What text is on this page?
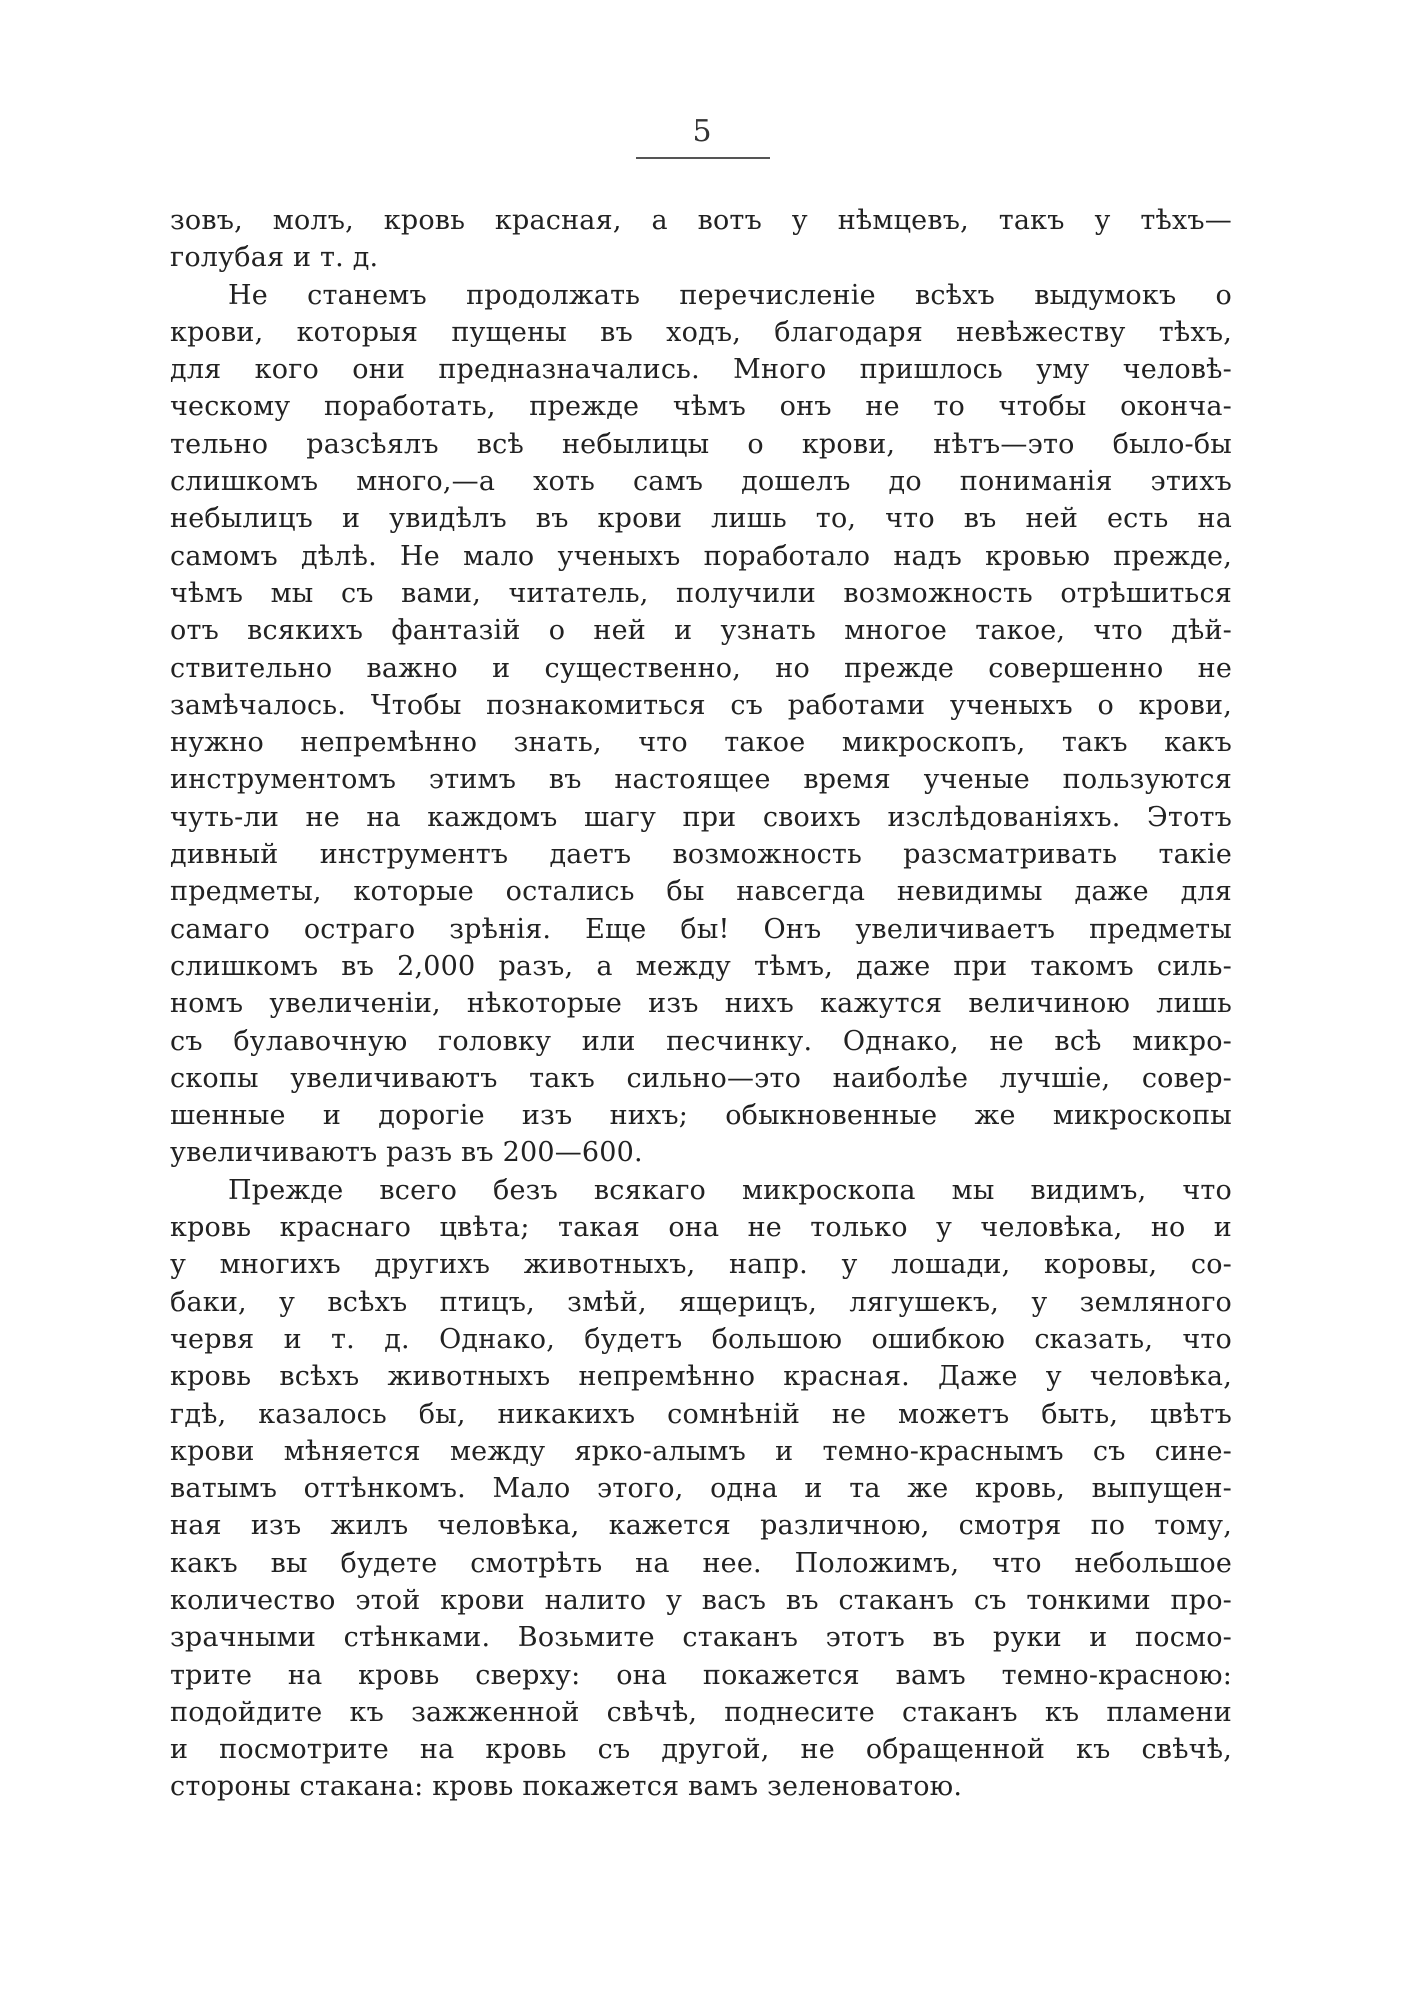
5
зовъ, молъ, кровь красная, а вотъ у нѣмцевъ, такъ у тѣхъ—
голубая и т. д.
Не станемъ продолжать перечисленіе всѣхъ выдумокъ о
крови, которыя пущены въ ходъ, благодаря невѣжеству тѣхъ,
для кого они предназначались. Много пришлось уму человѣ-
ческому поработать, прежде чѣмъ онъ не то чтобы оконча-
тельно разсѣялъ всѣ небылицы о крови, нѣтъ—это было-бы
слишкомъ много,—а хоть самъ дошелъ до пониманія этихъ
небылицъ и увидѣлъ въ крови лишь то, что въ ней есть на
самомъ дѣлѣ. Не мало ученыхъ поработало надъ кровью прежде,
чѣмъ мы съ вами, читатель, получили возможность отрѣшиться
отъ всякихъ фантазій о ней и узнать многое такое, что дѣй-
ствительно важно и существенно, но прежде совершенно не
замѣчалось. Чтобы познакомиться съ работами ученыхъ о крови,
нужно непремѣнно знать, что такое микроскопъ, такъ какъ
инструментомъ этимъ въ настоящее время ученые пользуются
чуть-ли не на каждомъ шагу при своихъ изслѣдованіяхъ. Этотъ
дивный инструментъ даетъ возможность разсматривать такіе
предметы, которые остались бы навсегда невидимы даже для
самаго остраго зрѣнія. Еще бы! Онъ увеличиваетъ предметы
слишкомъ въ 2,000 разъ, а между тѣмъ, даже при такомъ силь-
номъ увеличеніи, нѣкоторые изъ нихъ кажутся величиною лишь
съ булавочную головку или песчинку. Однако, не всѣ микро-
скопы увеличиваютъ такъ сильно—это наиболѣе лучшіе, совер-
шенные и дорогіе изъ нихъ; обыкновенные же микроскопы
увеличиваютъ разъ въ 200—600.
Прежде всего безъ всякаго микроскопа мы видимъ, что
кровь краснаго цвѣта; такая она не только у человѣка, но и
у многихъ другихъ животныхъ, напр. у лошади, коровы, со-
баки, у всѣхъ птицъ, змѣй, ящерицъ, лягушекъ, у земляного
червя и т. д. Однако, будетъ большою ошибкою сказать, что
кровь всѣхъ животныхъ непремѣнно красная. Даже у человѣка,
гдѣ, казалось бы, никакихъ сомнѣній не можетъ быть, цвѣтъ
крови мѣняется между ярко-алымъ и темно-краснымъ съ сине-
ватымъ оттѣнкомъ. Мало этого, одна и та же кровь, выпущен-
ная изъ жилъ человѣка, кажется различною, смотря по тому,
какъ вы будете смотрѣть на нее. Положимъ, что небольшое
количество этой крови налито у васъ въ стаканъ съ тонкими про-
зрачными стѣнками. Возьмите стаканъ этотъ въ руки и посмо-
трите на кровь сверху: она покажется вамъ темно-красною:
подойдите къ зажженной свѣчѣ, поднесите стаканъ къ пламени
и посмотрите на кровь съ другой, не обращенной къ свѣчѣ,
стороны стакана: кровь покажется вамъ зеленоватою.
